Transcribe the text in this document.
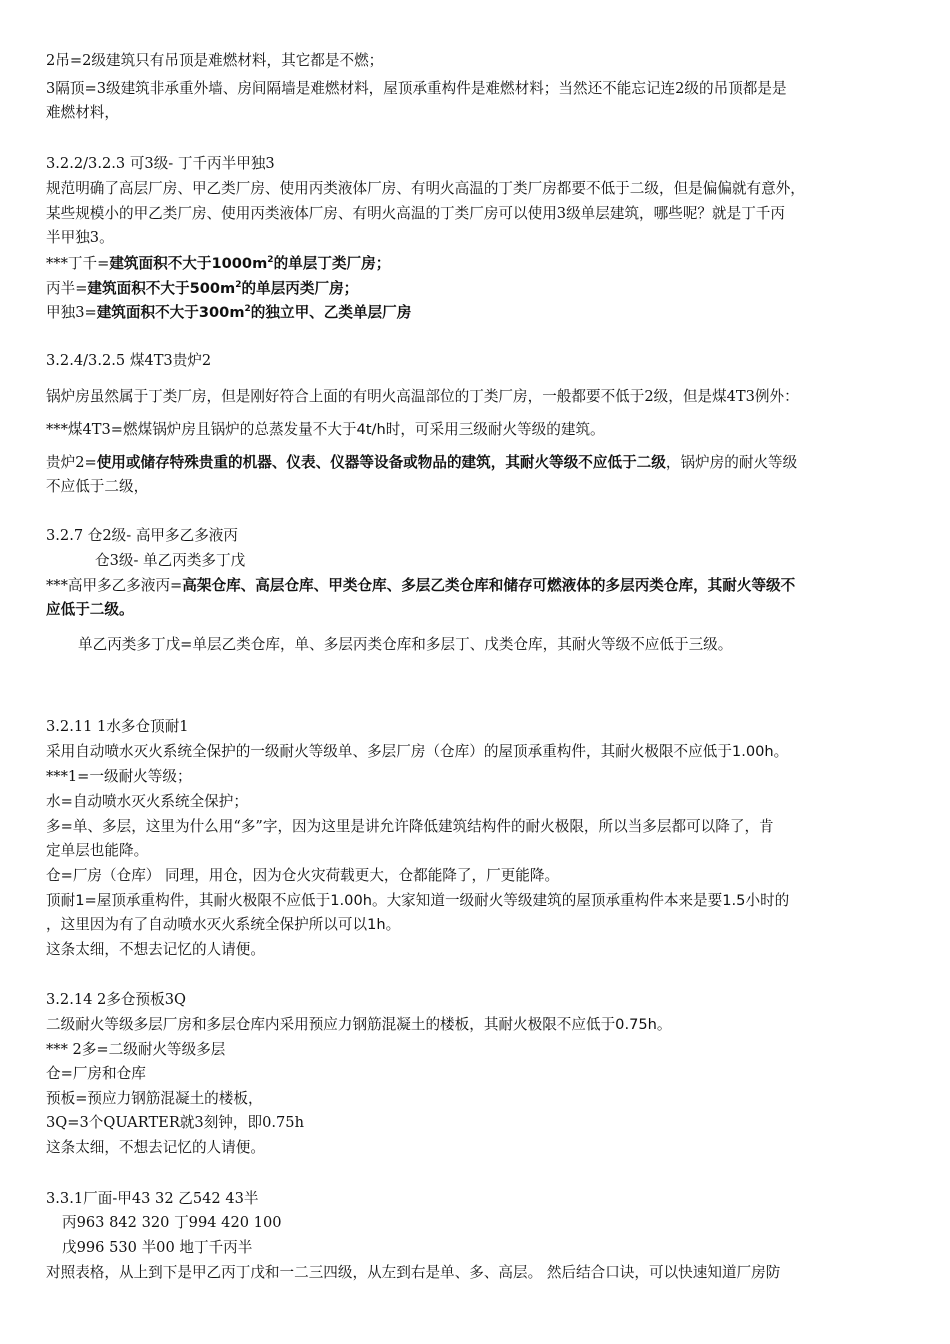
2吊=2级建筑只有吊顶是难燃材料，其它都是不燃；
3隔顶=3级建筑非承重外墙、房间隔墙是难燃材料，屋顶承重构件是难燃材料；当然还不能忘记连2级的吊顶都是是
难燃材料，
3.2.2/3.2.3 可3级- 丁千丙半甲独3
规范明确了高层厂房、甲乙类厂房、使用丙类液体厂房、有明火高温的丁类厂房都要不低于二级，但是偏偏就有意外，
某些规模小的甲乙类厂房、使用丙类液体厂房、有明火高温的丁类厂房可以使用3级单层建筑，哪些呢？就是丁千丙
半甲独3。
***丁千=建筑面积不大于$1000m^2$的单层丁类厂房；
丙半=建筑面积不大于$500m^2$的单层丙类厂房；
甲独3=建筑面积不大于$300m^2$的独立甲、乙类单层厂房
3.2.4/3.2.5 煤4T3贵炉2
锅炉房虽然属于丁类厂房，但是刚好符合上面的有明火高温部位的丁类厂房，一般都要不低于2级，但是煤4T3例外：
***煤4T3=燃煤锅炉房且锅炉的总蒸发量不大于4t/h时，可采用三级耐火等级的建筑。
贵炉2=使用或储存特殊贵重的机器、仪表、仪器等设备或物品的建筑，其耐火等级不应低于二级，锅炉房的耐火等级
不应低于二级，
3.2.7 仓2级- 高甲多乙多液丙
仓3级- 单乙丙类多丁戊
***高甲多乙多液丙=高架仓库、高层仓库、甲类仓库、多层乙类仓库和储存可燃液体的多层丙类仓库，其耐火等级不
应低于二级。
单乙丙类多丁戊=单层乙类仓库，单、多层丙类仓库和多层丁、戊类仓库，其耐火等级不应低于三级。
3.2.11 1水多仓顶耐1
采用自动喷水灭火系统全保护的一级耐火等级单、多层厂房（仓库）的屋顶承重构件，其耐火极限不应低于1.00h。
***1=一级耐火等级；
水=自动喷水灭火系统全保护；
多=单、多层，这里为什么用“多”字，因为这里是讲允许降低建筑结构件的耐火极限，所以当多层都可以降了，肯
定单层也能降。
仓=厂房（仓库） 同理，用仓，因为仓火灾荷载更大，仓都能降了，厂更能降。
顶耐1=屋顶承重构件，其耐火极限不应低于1.00h。大家知道一级耐火等级建筑的屋顶承重构件本来是要1.5小时的
，这里因为有了自动喷水灭火系统全保护所以可以1h。
这条太细，不想去记忆的人请便。
3.2.14 2多仓预板3Q
二级耐火等级多层厂房和多层仓库内采用预应力钢筋混凝土的楼板，其耐火极限不应低于0.75h。
*** 2多=二级耐火等级多层
仓=厂房和仓库
预板=预应力钢筋混凝土的楼板，
3Q=3个QUARTER就3刻钟，即0.75h
这条太细，不想去记忆的人请便。
3.3.1厂面-甲43 32 乙542 43半
丙963 842 320 丁994 420 100
戊996 530 半00 地丁千丙半
对照表格，从上到下是甲乙丙丁戊和一二三四级，从左到右是单、多、高层。 然后结合口诀，可以快速知道厂房防
